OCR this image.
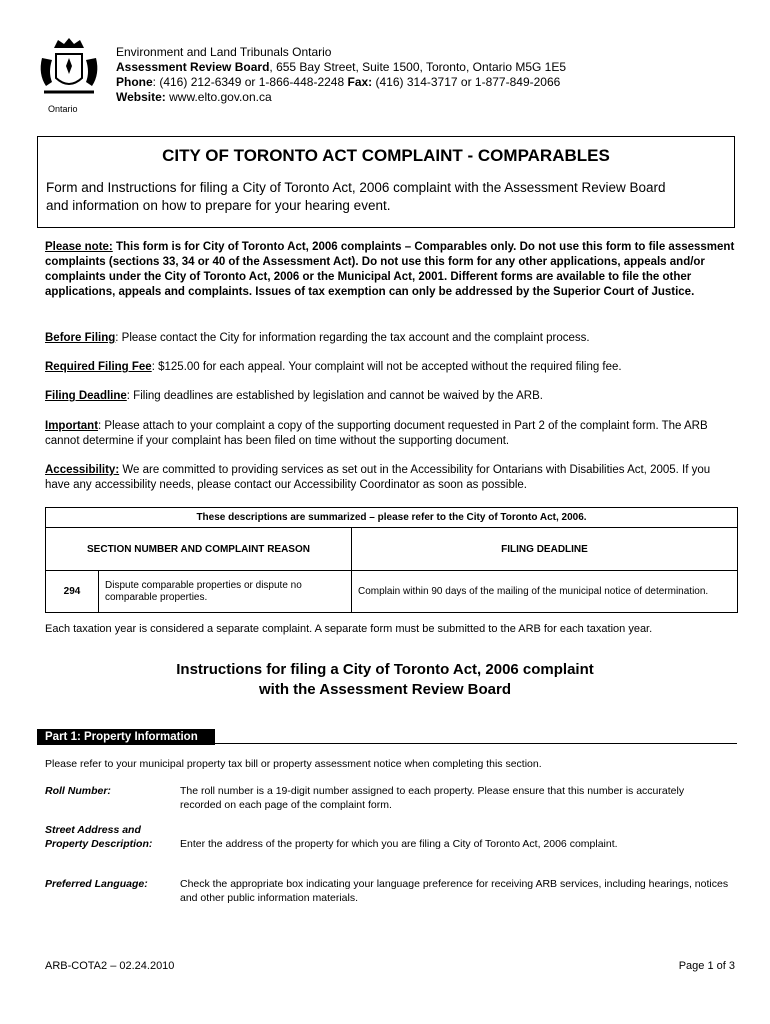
Ontario
Environment and Land Tribunals Ontario
Assessment Review Board, 655 Bay Street, Suite 1500, Toronto, Ontario M5G 1E5
Phone: (416) 212-6349 or 1-866-448-2248 Fax: (416) 314-3717 or 1-877-849-2066
Website: www.elto.gov.on.ca
CITY OF TORONTO ACT COMPLAINT - COMPARABLES
Form and Instructions for filing a City of Toronto Act, 2006 complaint with the Assessment Review Board and information on how to prepare for your hearing event.
Please note: This form is for City of Toronto Act, 2006 complaints – Comparables only. Do not use this form to file assessment complaints (sections 33, 34 or 40 of the Assessment Act). Do not use this form for any other applications, appeals and/or complaints under the City of Toronto Act, 2006 or the Municipal Act, 2001. Different forms are available to file the other applications, appeals and complaints. Issues of tax exemption can only be addressed by the Superior Court of Justice.
Before Filing: Please contact the City for information regarding the tax account and the complaint process.
Required Filing Fee: $125.00 for each appeal. Your complaint will not be accepted without the required filing fee.
Filing Deadline: Filing deadlines are established by legislation and cannot be waived by the ARB.
Important: Please attach to your complaint a copy of the supporting document requested in Part 2 of the complaint form. The ARB cannot determine if your complaint has been filed on time without the supporting document.
Accessibility: We are committed to providing services as set out in the Accessibility for Ontarians with Disabilities Act, 2005. If you have any accessibility needs, please contact our Accessibility Coordinator as soon as possible.
These descriptions are summarized – please refer to the City of Toronto Act, 2006.		
SECTION NUMBER AND COMPLAINT REASON		FILING DEADLINE
294	Dispute comparable properties or dispute no comparable properties.	Complain within 90 days of the mailing of the municipal notice of determination.
Each taxation year is considered a separate complaint. A separate form must be submitted to the ARB for each taxation year.
Instructions for filing a City of Toronto Act, 2006 complaint
with the Assessment Review Board
Part 1: Property Information
Please refer to your municipal property tax bill or property assessment notice when completing this section.
Roll Number:	The roll number is a 19-digit number assigned to each property. Please ensure that this number is accurately recorded on each page of the complaint form.
Street Address and Property Description:	Enter the address of the property for which you are filing a City of Toronto Act, 2006 complaint.
Preferred Language:	Check the appropriate box indicating your language preference for receiving ARB services, including hearings, notices and other public information materials.
ARB-COTA2 – 02.24.2010	Page 1 of 3
